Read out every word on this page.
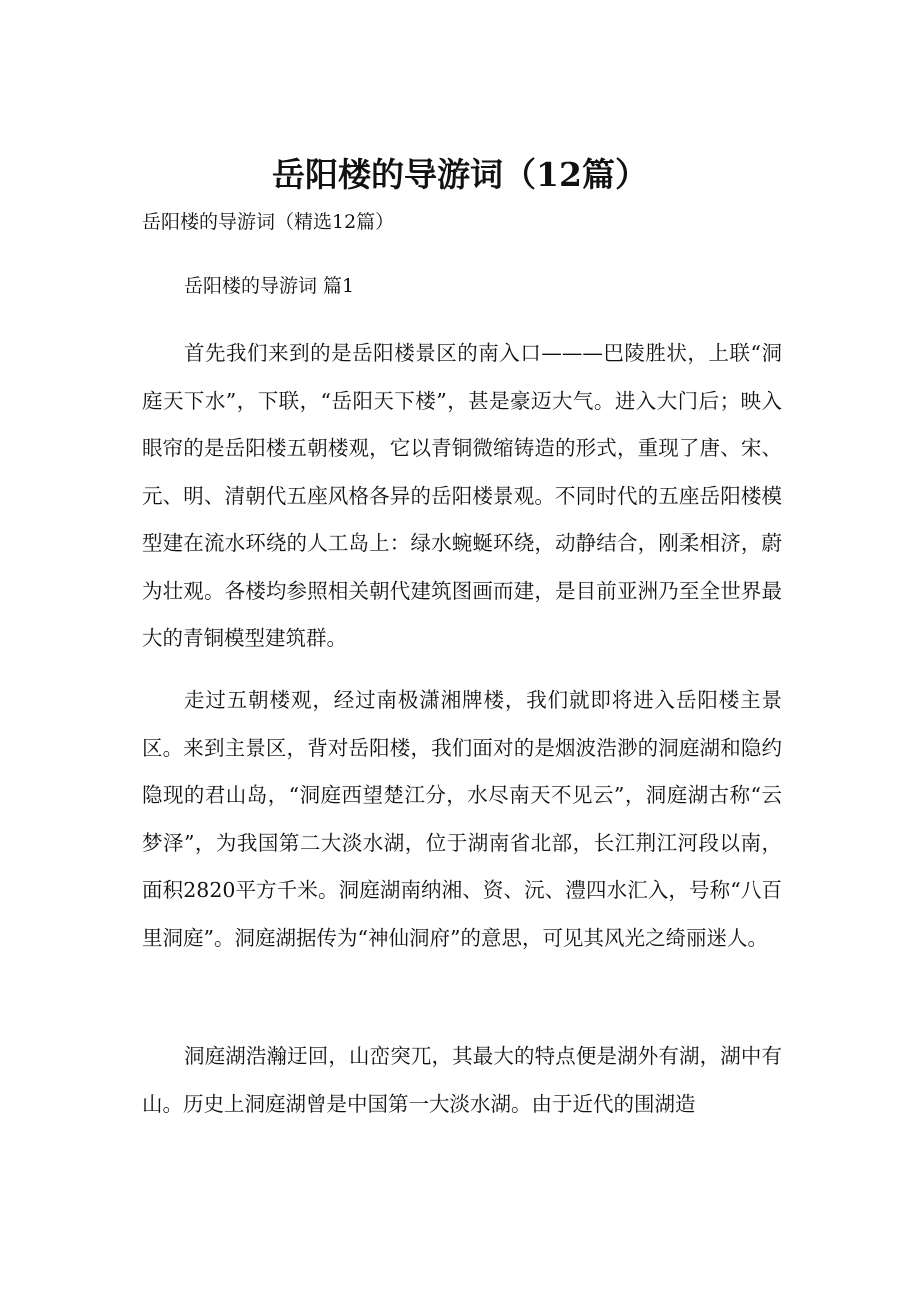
岳阳楼的导游词（12篇）

岳阳楼的导游词（精选12篇）

岳阳楼的导游词 篇1

首先我们来到的是岳阳楼景区的南入口———巴陵胜状，上联“洞庭天下水”，下联，“岳阳天下楼”，甚是豪迈大气。进入大门后；映入眼帘的是岳阳楼五朝楼观，它以青铜微缩铸造的形式，重现了唐、宋、元、明、清朝代五座风格各异的岳阳楼景观。不同时代的五座岳阳楼模型建在流水环绕的人工岛上：绿水蜿蜒环绕，动静结合，刚柔相济，蔚为壮观。各楼均参照相关朝代建筑图画而建，是目前亚洲乃至全世界最大的青铜模型建筑群。

走过五朝楼观，经过南极潇湘牌楼，我们就即将进入岳阳楼主景区。来到主景区，背对岳阳楼，我们面对的是烟波浩渺的洞庭湖和隐约隐现的君山岛，“洞庭西望楚江分，水尽南天不见云”，洞庭湖古称“云梦泽”，为我国第二大淡水湖，位于湖南省北部，长江荆江河段以南，面积2820平方千米。洞庭湖南纳湘、资、沅、澧四水汇入，号称“八百里洞庭”。洞庭湖据传为“神仙洞府”的意思，可见其风光之绮丽迷人。

洞庭湖浩瀚迂回，山峦突兀，其最大的特点便是湖外有湖，湖中有山。历史上洞庭湖曾是中国第一大淡水湖。由于近代的围湖造
